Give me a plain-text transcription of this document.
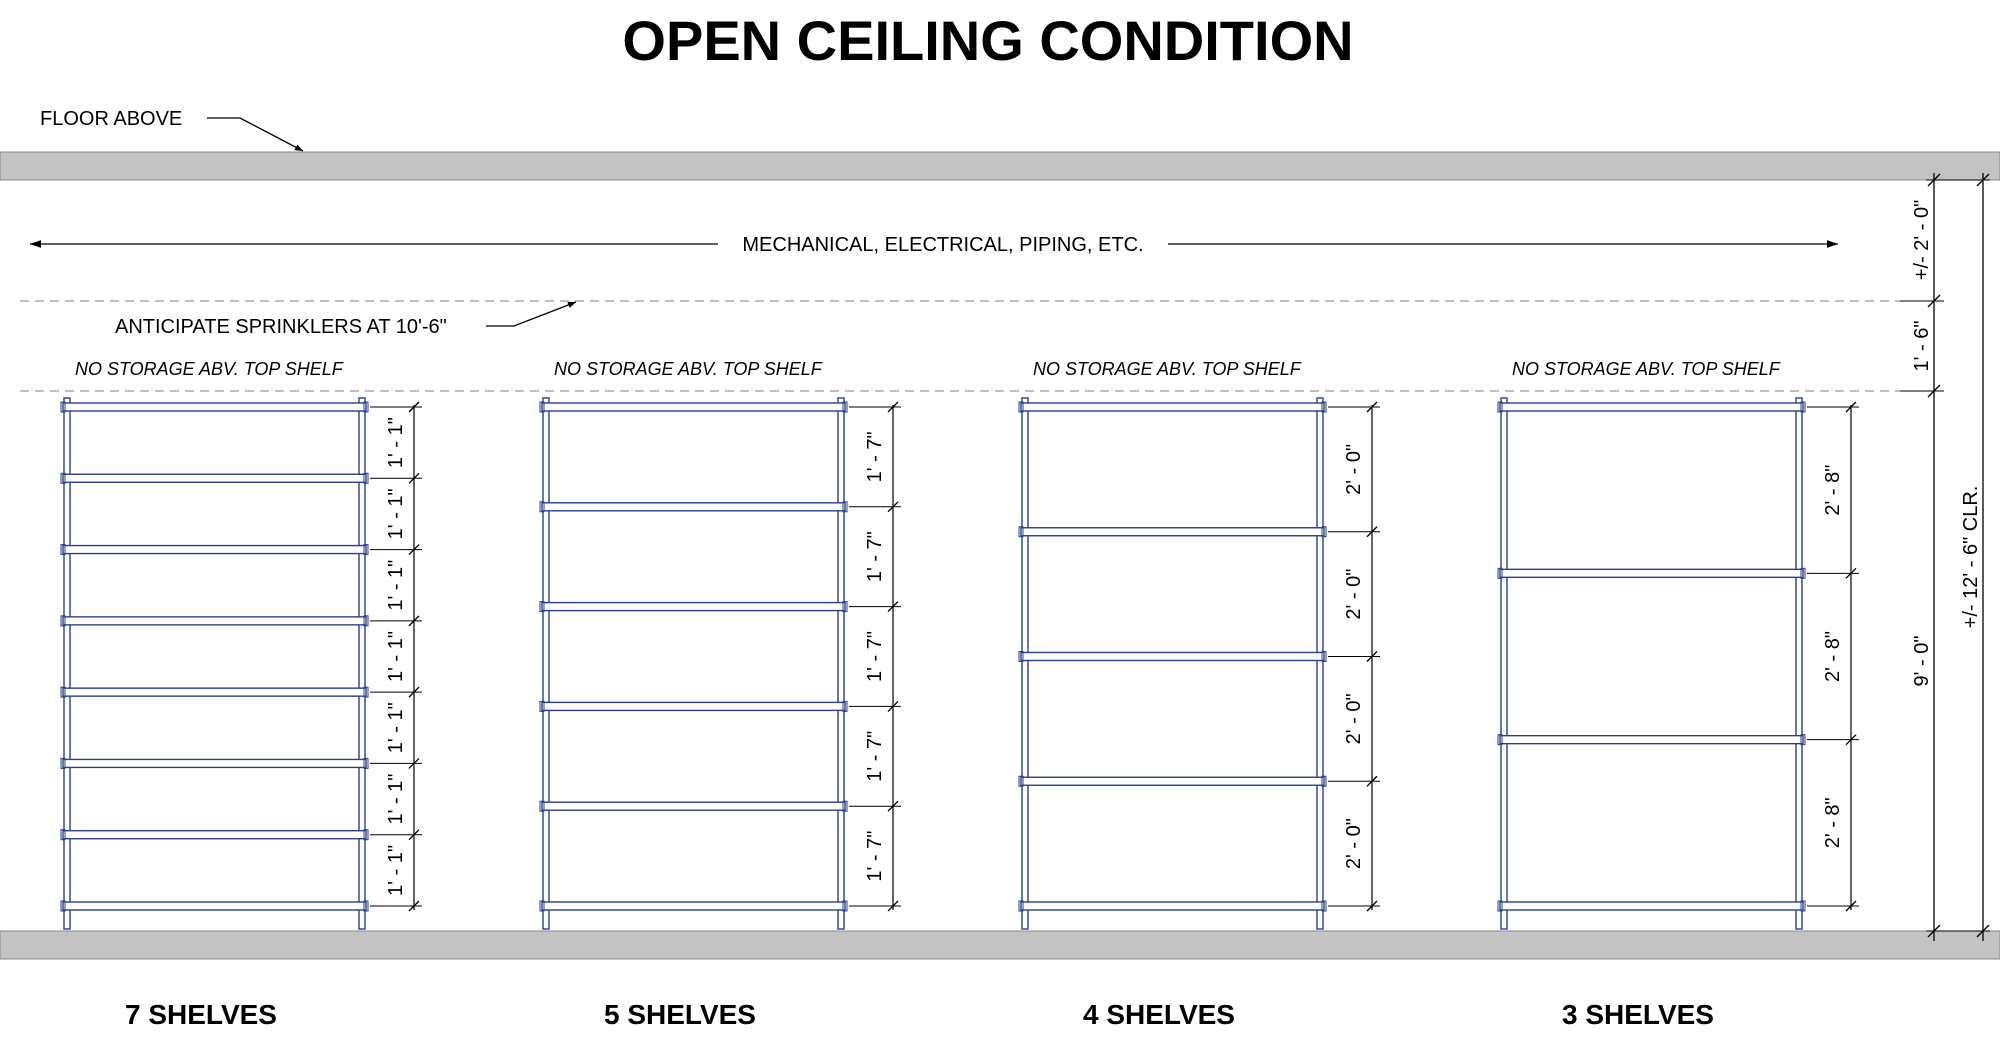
OPEN CEILING CONDITION
FLOOR ABOVE
MECHANICAL, ELECTRICAL, PIPING, ETC.
ANTICIPATE SPRINKLERS AT 10'-6"
NO STORAGE ABV. TOP SHELF
7 SHELVES
1' - 1"
1' - 1"
1' - 1"
1' - 1"
1' - 1"
1' - 1"
1' - 1"
NO STORAGE ABV. TOP SHELF
5 SHELVES
1' - 7"
1' - 7"
1' - 7"
1' - 7"
1' - 7"
NO STORAGE ABV. TOP SHELF
4 SHELVES
2' - 0"
2' - 0"
2' - 0"
2' - 0"
NO STORAGE ABV. TOP SHELF
3 SHELVES
2' - 8"
2' - 8"
2' - 8"
+/- 2' - 0"
1' - 6"
9' - 0"
+/- 12' - 6" CLR.
